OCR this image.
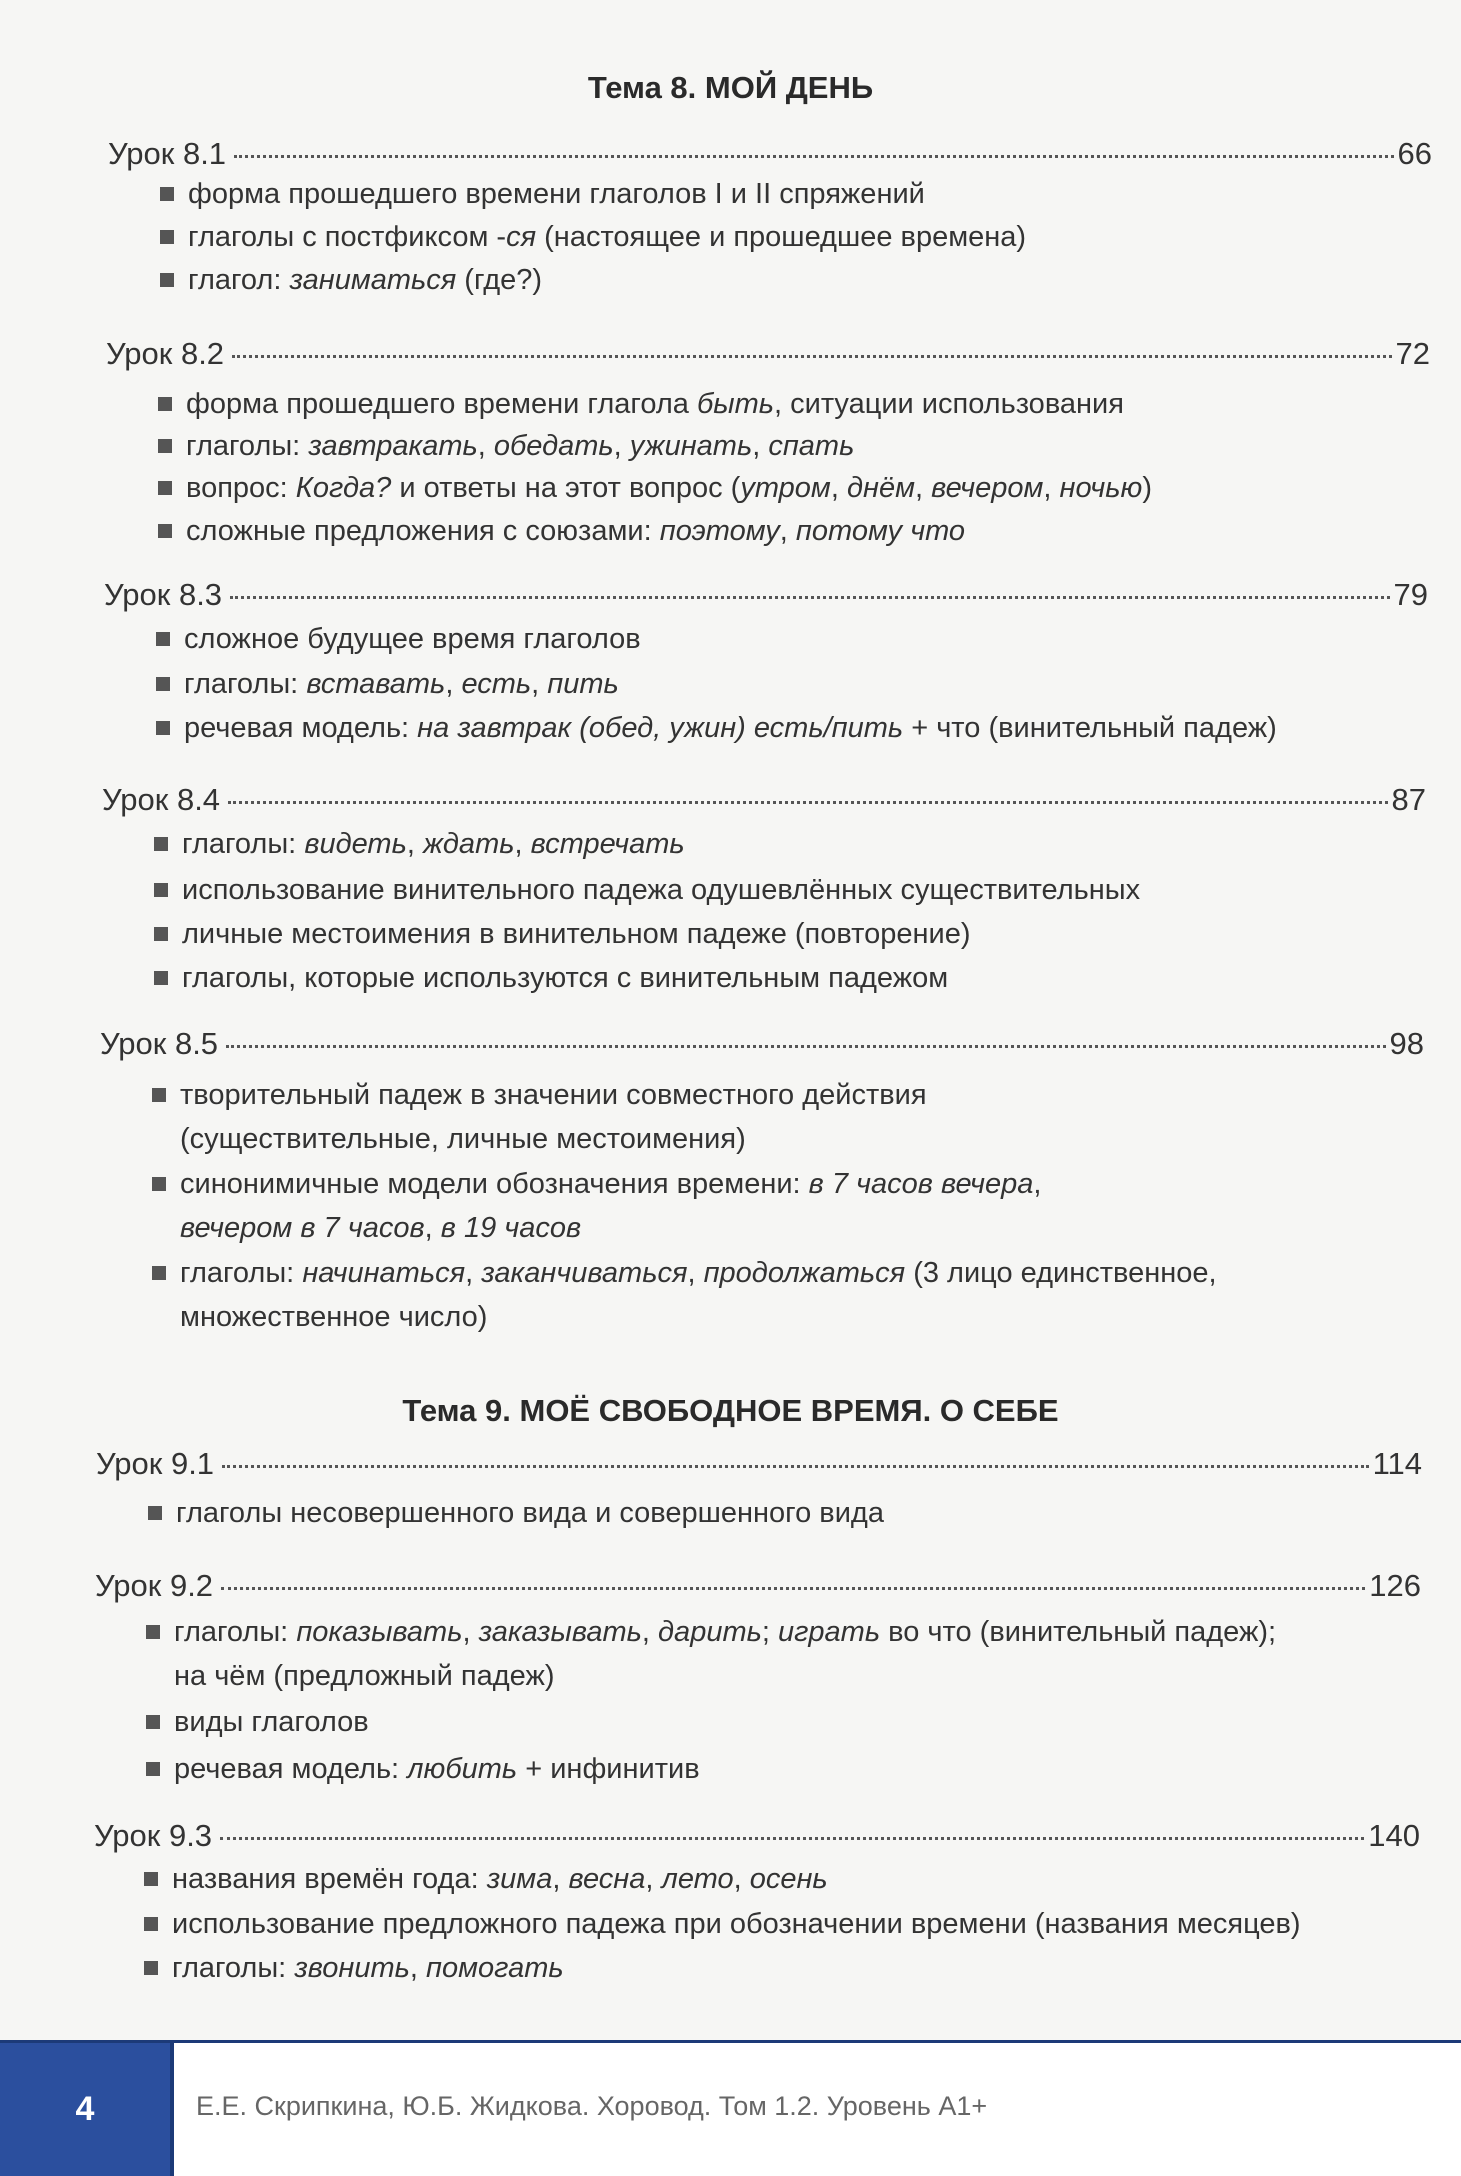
Тема 8. МОЙ ДЕНЬ
Урок 8.1	66
форма прошедшего времени глаголов I и II спряжений
глаголы с постфиксом -ся (настоящее и прошедшее времена)
глагол: заниматься (где?)
Урок 8.2	72
форма прошедшего времени глагола быть, ситуации использования
глаголы: завтракать, обедать, ужинать, спать
вопрос: Когда? и ответы на этот вопрос (утром, днём, вечером, ночью)
сложные предложения с союзами: поэтому, потому что
Урок 8.3	79
сложное будущее время глаголов
глаголы: вставать, есть, пить
речевая модель: на завтрак (обед, ужин) есть/пить + что (винительный падеж)
Урок 8.4	87
глаголы: видеть, ждать, встречать
использование винительного падежа одушевлённых существительных
личные местоимения в винительном падеже (повторение)
глаголы, которые используются с винительным падежом
Урок 8.5	98
творительный падеж в значении совместного действия
(существительные, личные местоимения)
синонимичные модели обозначения времени: в 7 часов вечера,
вечером в 7 часов, в 19 часов
глаголы: начинаться, заканчиваться, продолжаться (3 лицо единственное,
множественное число)
Тема 9. МОЁ СВОБОДНОЕ ВРЕМЯ. О СЕБЕ
Урок 9.1	114
глаголы несовершенного вида и совершенного вида
Урок 9.2	126
глаголы: показывать, заказывать, дарить; играть во что (винительный падеж);
на чём (предложный падеж)
виды глаголов
речевая модель: любить + инфинитив
Урок 9.3	140
названия времён года: зима, весна, лето, осень
использование предложного падежа при обозначении времени (названия месяцев)
глаголы: звонить, помогать
4	Е.Е. Скрипкина, Ю.Б. Жидкова. Хоровод. Том 1.2. Уровень А1+
